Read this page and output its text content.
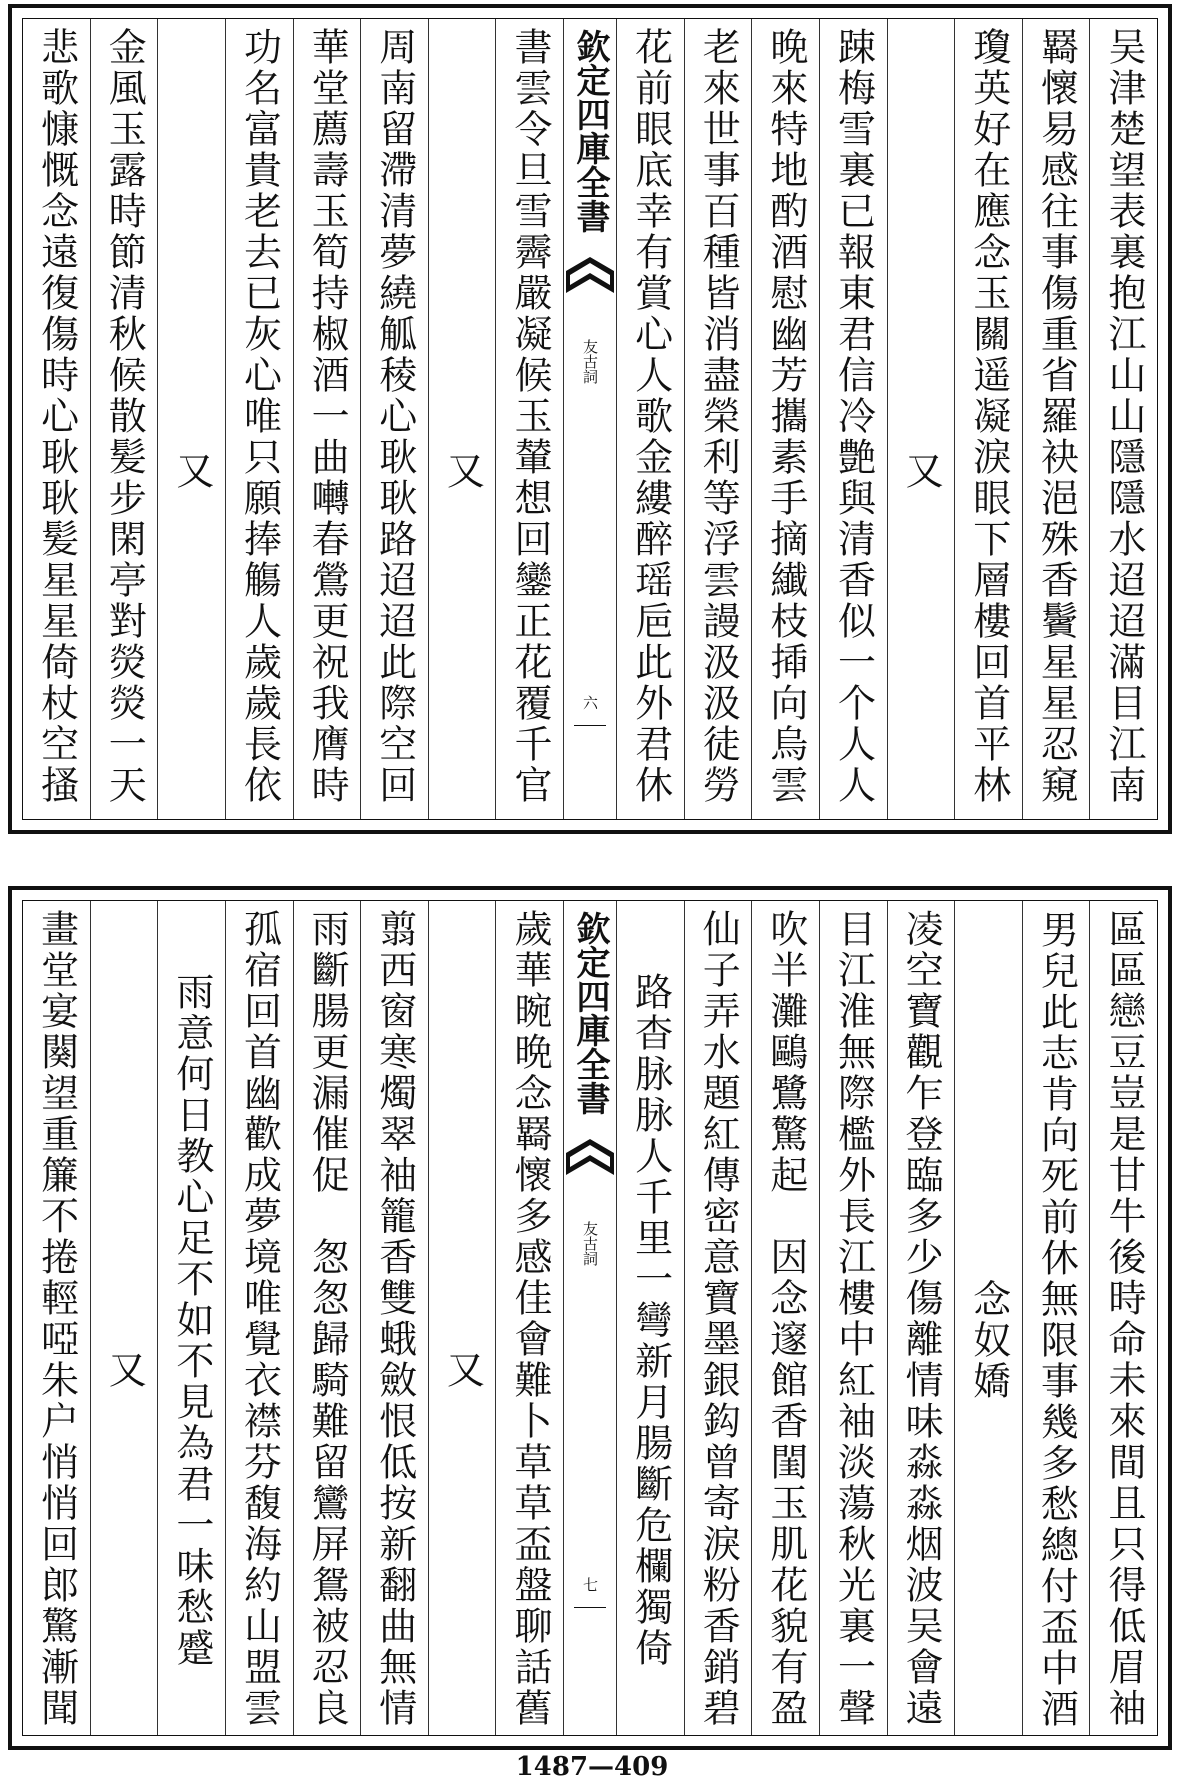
吴津楚望表裏抱江山山隱隱水迢迢滿目江南
羇懷易感往事傷重省羅袂浥殊香鬢星星忍窺
瓊英好在應念玉關遥凝淚眼下層樓回首平林
又
踈梅雪裏已報東君信冷艶與清香似一个人人
晚來特地酌酒慰幽芳攜素手摘纎枝揷向烏雲
老來世事百種皆消盡榮利等浮雲謾汲汲徒勞
花前眼底幸有賞心人歌金縷醉瑶巵此外君休
欽定四庫全書
友古詞
六
書雲令旦雪霽嚴凝候玉輦想回鑾正花覆千官
又
周南留滯清夢繞觚稜心耿耿路迢迢此際空回
華堂薦壽玉筍持椒酒一曲囀春鶯更祝我膺時
功名富貴老去已灰心唯只願捧觴人歲歲長依
又
金風玉露時節清秋候散髪步閑亭對熒熒一天
悲歌慷慨念遠復傷時心耿耿髪星星倚杖空搔
區區戀豆豈是甘牛後時命未來間且只得低眉袖
男兒此志肯向死前休無限事幾多愁總付盃中酒
念奴嬌
凌空寶觀乍登臨多少傷離情味淼淼烟波吴會遠
目江淮無際檻外長江樓中紅袖淡蕩秋光裏一聲
吹半灘鷗鷺驚起　因念邃館香閨玉肌花貌有盈
仙子弄水題紅傳密意寶墨銀鈎曾寄淚粉香銷碧
路杳脉脉人千里一彎新月腸斷危欄獨倚
欽定四庫全書
友古詞
七
歲華晼晩念羇懷多感佳會難卜草草盃盤聊話舊
又
翦西窗寒燭翠袖籠香雙蛾斂恨低按新翻曲無情
雨斷腸更漏催促　怱怱歸騎難留鸞屏鴛被忍良
孤宿回首幽歡成夢境唯覺衣襟芬馥海約山盟雲
雨意何日教心足不如不見為君一味愁蹙
又
畫堂宴闋望重簾不捲輕啞朱户悄悄回郎驚漸聞
1487—409
